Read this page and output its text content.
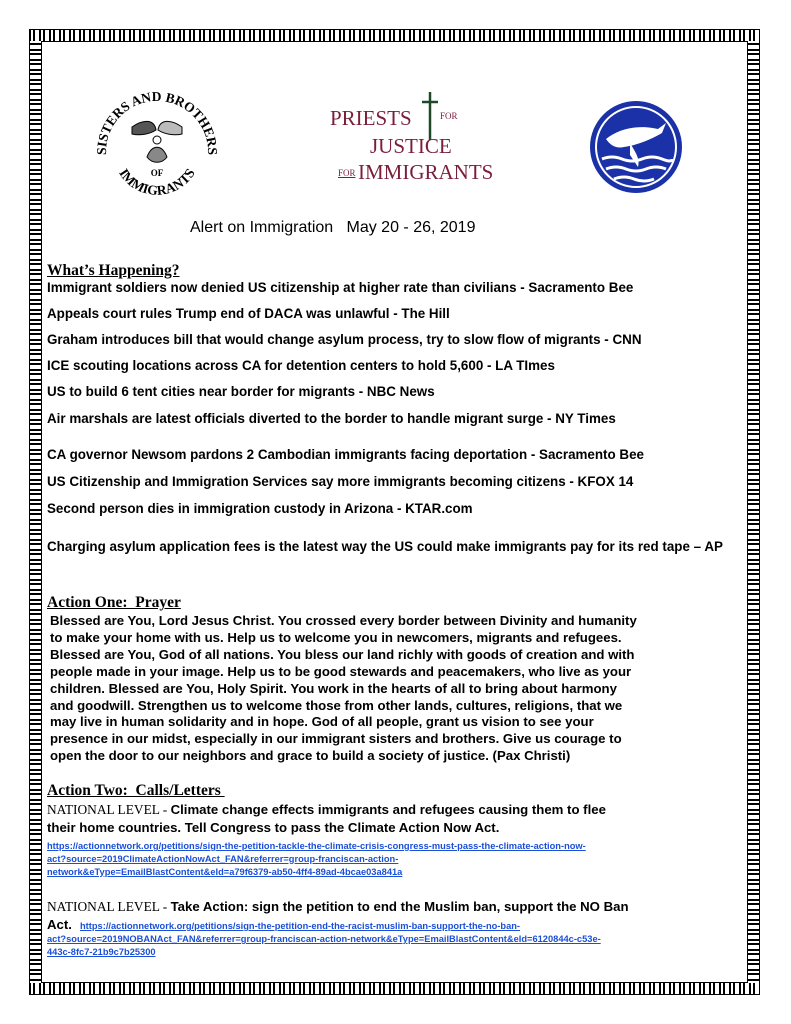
SISTERS AND BROTHERS
IMMIGRANTS
OF
PRIESTS	FOR
JUSTICE
FOR IMMIGRANTS
Alert on Immigration   May 20 - 26, 2019
What’s Happening?
Immigrant soldiers now denied US citizenship at higher rate than civilians - Sacramento Bee
Appeals court rules Trump end of DACA was unlawful - The Hill
Graham introduces bill that would change asylum process, try to slow flow of migrants - CNN
ICE scouting locations across CA for detention centers to hold 5,600 - LA TImes
US to build 6 tent cities near border for migrants - NBC News
Air marshals are latest officials diverted to the border to handle migrant surge - NY Times
CA governor Newsom pardons 2 Cambodian immigrants facing deportation - Sacramento Bee
US Citizenship and Immigration Services say more immigrants becoming citizens - KFOX 14
Second person dies in immigration custody in Arizona - KTAR.com
Charging asylum application fees is the latest way the US could make immigrants pay for its red tape – AP
Action One:  Prayer
Blessed are You, Lord Jesus Christ. You crossed every border between Divinity and humanity
to make your home with us. Help us to welcome you in newcomers, migrants and refugees.
Blessed are You, God of all nations. You bless our land richly with goods of creation and with
people made in your image. Help us to be good stewards and peacemakers, who live as your
children. Blessed are You, Holy Spirit. You work in the hearts of all to bring about harmony
and goodwill. Strengthen us to welcome those from other lands, cultures, religions, that we
may live in human solidarity and in hope. God of all people, grant us vision to see your
presence in our midst, especially in our immigrant sisters and brothers. Give us courage to
open the door to our neighbors and grace to build a society of justice. (Pax Christi)
Action Two:  Calls/Letters
NATIONAL LEVEL - Climate change effects immigrants and refugees causing them to flee
their home countries. Tell Congress to pass the Climate Action Now Act.
https://actionnetwork.org/petitions/sign-the-petition-tackle-the-climate-crisis-congress-must-pass-the-climate-action-now-
act?source=2019ClimateActionNowAct_FAN&referrer=group-franciscan-action-
network&eType=EmailBlastContent&eId=a79f6379-ab50-4ff4-89ad-4bcae03a841a
NATIONAL LEVEL - Take Action: sign the petition to end the Muslim ban, support the NO Ban
Act. https://actionnetwork.org/petitions/sign-the-petition-end-the-racist-muslim-ban-support-the-no-ban-
act?source=2019NOBANAct_FAN&referrer=group-franciscan-action-network&eType=EmailBlastContent&eId=6120844c-c53e-
443c-8fc7-21b9c7b25300
